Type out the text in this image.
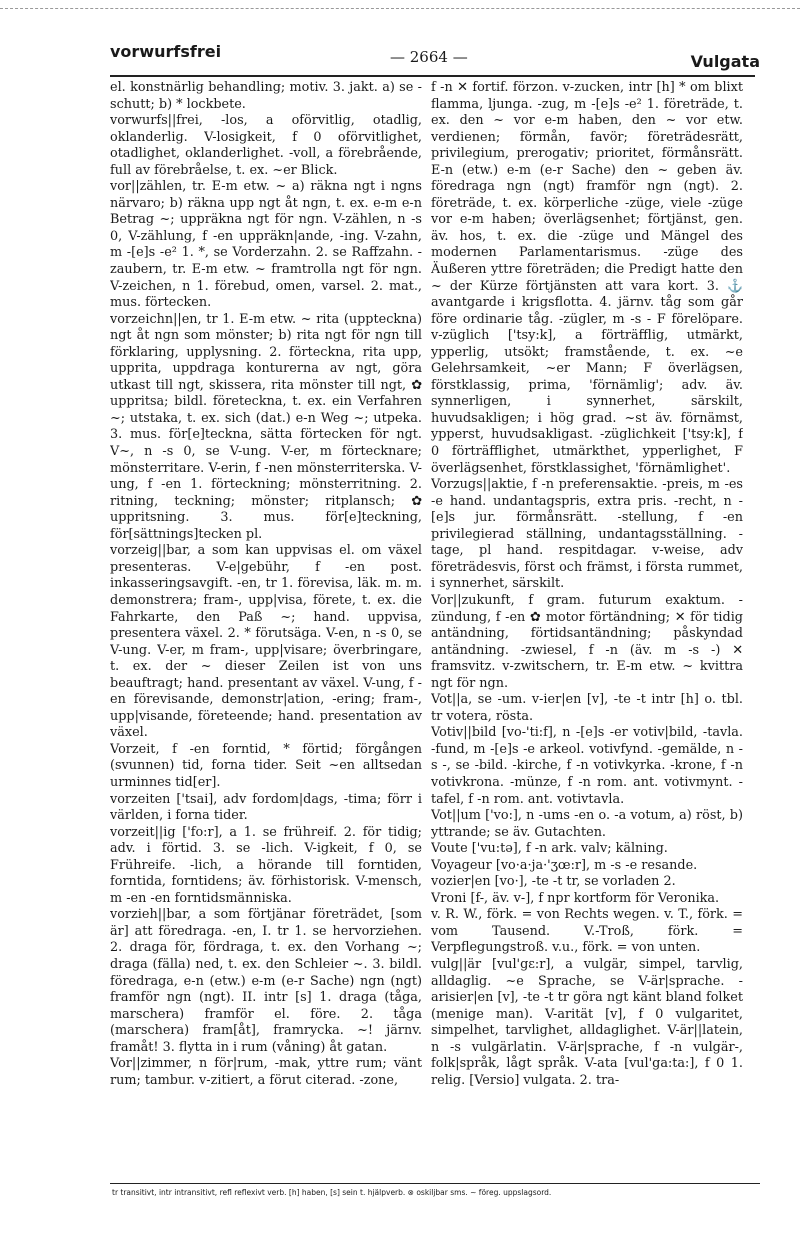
vorwurfsfrei	— 2664 —	Vulgata

el. konstnärlig behandling; motiv. 3. jakt. a) se -schutt; b) * lockbete.

vorwurfs||frei, -los, a oförvitlig, otadlig, oklanderlig. V-losigkeit, f 0 oförvitlighet, otadlighet, oklanderlighet. -voll, a förebrående, full av förebråelse, t. ex. ~er Blick.

vor||zählen, tr. E-m etw. ~ a) räkna ngt i ngns närvaro; b) räkna upp ngt åt ngn, t. ex. e-m e-n Betrag ~; uppräkna ngt för ngn. V-zählen, n -s 0, V-zählung, f -en uppräkn|ande, -ing. V-zahn, m -[e]s -e² 1. *, se Vorderzahn. 2. se Raffzahn. -zaubern, tr. E-m etw. ~ framtrolla ngt för ngn. V-zeichen, n 1. förebud, omen, varsel. 2. mat., mus. förtecken.

vorzeichn||en, tr 1. E-m etw. ~ rita (uppteckna) ngt åt ngn som mönster; b) rita ngt för ngn till förklaring, upplysning. 2. förteckna, rita upp, upprita, uppdraga konturerna av ngt, göra utkast till ngt, skissera, rita mönster till ngt, ✿ uppritsa; bildl. företeckna, t. ex. ein Verfahren ~; utstaka, t. ex. sich (dat.) e-n Weg ~; utpeka. 3. mus. för[e]teckna, sätta förtecken för ngt. V~, n -s 0, se V-ung. V-er, m förtecknare; mönsterritare. V-erin, f -nen mönsterriterska. V-ung, f -en 1. förteckning; mönsterritning. 2. ritning, teckning; mönster; ritplansch; ✿ uppritsning. 3. mus. för[e]teckning, för[sättnings]tecken pl.

vorzeig||bar, a som kan uppvisas el. om växel presenteras. V-e|gebühr, f -en post. inkasseringsavgift. -en, tr 1. förevisa, läk. m. m. demonstrera; fram-, upp|visa, förete, t. ex. die Fahrkarte, den Paß ~; hand. uppvisa, presentera växel. 2. * förutsäga. V-en, n -s 0, se V-ung. V-er, m fram-, upp|visare; överbringare, t. ex. der ~ dieser Zeilen ist von uns beauftragt; hand. presentant av växel. V-ung, f -en förevisande, demonstr|ation, -ering; fram-, upp|visande, företeende; hand. presentation av växel.

Vorzeit, f -en forntid, * förtid; förgången (svunnen) tid, forna tider. Seit ~en alltsedan urminnes tid[er].

vorzeiten ['tsai], adv fordom|dags, -tima; förr i världen, i forna tider.

vorzeit||ig ['fo:r], a 1. se frühreif. 2. för tidig; adv. i förtid. 3. se -lich. V-igkeit, f 0, se Frühreife. -lich, a hörande till forntiden, forntida, forntidens; äv. förhistorisk. V-mensch, m -en -en forntidsmänniska.

vorzieh||bar, a som förtjänar företrädet, [som är] att föredraga. -en, I. tr 1. se hervorziehen. 2. draga för, fördraga, t. ex. den Vorhang ~; draga (fälla) ned, t. ex. den Schleier ~. 3. bildl. föredraga, e-n (etw.) e-m (e-r Sache) ngn (ngt) framför ngn (ngt). II. intr [s] 1. draga (tåga, marschera) framför el. före. 2. tåga (marschera) fram[åt], framrycka. ~! järnv. framåt! 3. flytta in i rum (våning) åt gatan.

Vor||zimmer, n för|rum, -mak, yttre rum; vänt rum; tambur. v-zitiert, a förut citerad. -zone,

f -n ✕ fortif. förzon. v-zucken, intr [h] * om blixt flamma, ljunga. -zug, m -[e]s -e² 1. företräde, t. ex. den ~ vor e-m haben, den ~ vor etw. verdienen; förmån, favör; företrädesrätt, privilegium, prerogativ; prioritet, förmånsrätt. E-n (etw.) e-m (e-r Sache) den ~ geben äv. föredraga ngn (ngt) framför ngn (ngt). 2. företräde, t. ex. körperliche -züge, viele -züge vor e-m haben; överlägsenhet; förtjänst, gen. äv. hos, t. ex. die -züge und Mängel des modernen Parlamentarismus. -züge des Äußeren yttre företräden; die Predigt hatte den ~ der Kürze förtjänsten att vara kort. 3. ⚓ avantgarde i krigsflotta. 4. järnv. tåg som går före ordinarie tåg. -zügler, m -s - F förelöpare. v-züglich ['tsy:k], a förträfflig, utmärkt, ypperlig, utsökt; framstående, t. ex. ~e Gelehrsamkeit, ~er Mann; F överlägsen, förstklassig, prima, 'förnämlig'; adv. äv. synnerligen, i synnerhet, särskilt, huvudsakligen; i hög grad. ~st äv. förnämst, ypperst, huvudsakligast. -züglichkeit ['tsy:k], f 0 förträfflighet, utmärkthet, ypperlighet, F överlägsenhet, förstklassighet, 'förnämlighet'.

Vorzugs||aktie, f -n preferensaktie. -preis, m -es -e hand. undantagspris, extra pris. -recht, n -[e]s jur. förmånsrätt. -stellung, f -en privilegierad ställning, undantagsställning. -tage, pl hand. respitdagar. v-weise, adv företrädesvis, först och främst, i första rummet, i synnerhet, särskilt.

Vor||zukunft, f gram. futurum exaktum. -zündung, f -en ✿ motor förtändning; ✕ för tidig antändning, förtidsantändning; påskyndad antändning. -zwiesel, f -n (äv. m -s -) ✕ framsvitz. v-zwitschern, tr. E-m etw. ~ kvittra ngt för ngn.

Vot||a, se -um. v-ier|en [v], -te -t intr [h] o. tbl. tr votera, rösta.

Votiv||bild [vo-'ti:f], n -[e]s -er votiv|bild, -tavla. -fund, m -[e]s -e arkeol. votivfynd. -gemälde, n -s -, se -bild. -kirche, f -n votivkyrka. -krone, f -n votivkrona. -münze, f -n rom. ant. votivmynt. -tafel, f -n rom. ant. votivtavla.

Vot||um ['vo:], n -ums -en o. -a votum, a) röst, b) yttrande; se äv. Gutachten.

Voute ['vu:tə], f -n ark. valv; kälning.

Voyageur [vo·a·ja·'ʒœ:r], m -s -e resande.

vozier|en [vo·], -te -t tr, se vorladen 2.

Vroni [f-, äv. v-], f npr kortform för Veronika.

v. R. W., förk. = von Rechts wegen. v. T., förk. = vom Tausend. V.-Troß, förk. = Verpflegungstroß. v.u., förk. = von unten.

vulg||är [vul'gɛ:r], a vulgär, simpel, tarvlig, alldaglig. ~e Sprache, se V-är|sprache. -arisier|en [v], -te -t tr göra ngt känt bland folket (menige man). V-arität [v], f 0 vulgaritet, simpelhet, tarvlighet, alldaglighet. V-är||latein, n -s vulgärlatin. V-är|sprache, f -n vulgär-, folk|språk, lågt språk. V-ata [vul'ga:ta:], f 0 1. relig. [Versio] vulgata. 2. tra-

tr transitivt, intr intransitivt, refl reflexivt verb. [h] haben, [s] sein t. hjälpverb. ⊗ oskiljbar sms. ~ föreg. uppslagsord.
